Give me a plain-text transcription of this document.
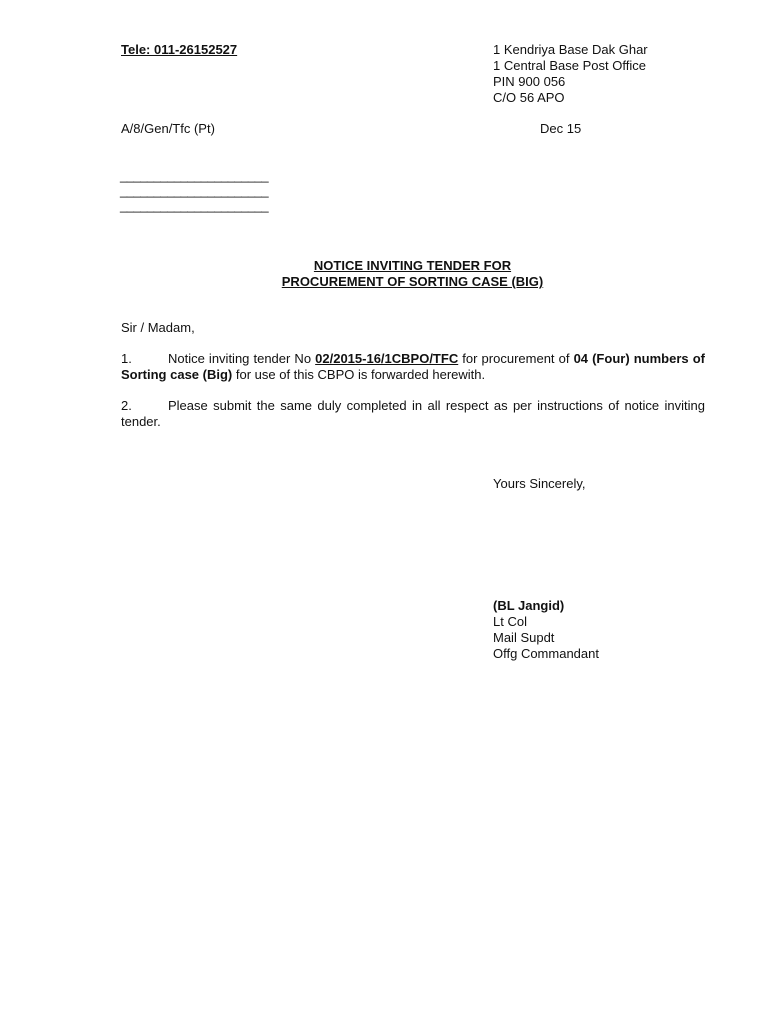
Tele: 011-26152527	1 Kendriya Base Dak Ghar
1 Central Base Post Office
PIN 900 056
C/O 56 APO
A/8/Gen/Tfc (Pt)	Dec 15
______________________
______________________
______________________
NOTICE INVITING TENDER FOR
PROCUREMENT OF SORTING CASE (BIG)
Sir / Madam,
1.	Notice inviting tender No 02/2015-16/1CBPO/TFC for procurement of 04 (Four) numbers of Sorting case (Big) for use of this CBPO is forwarded herewith.
2.	Please submit the same duly completed in all respect as per instructions of notice inviting tender.
Yours Sincerely,
(BL Jangid)
Lt Col
Mail Supdt
Offg Commandant
